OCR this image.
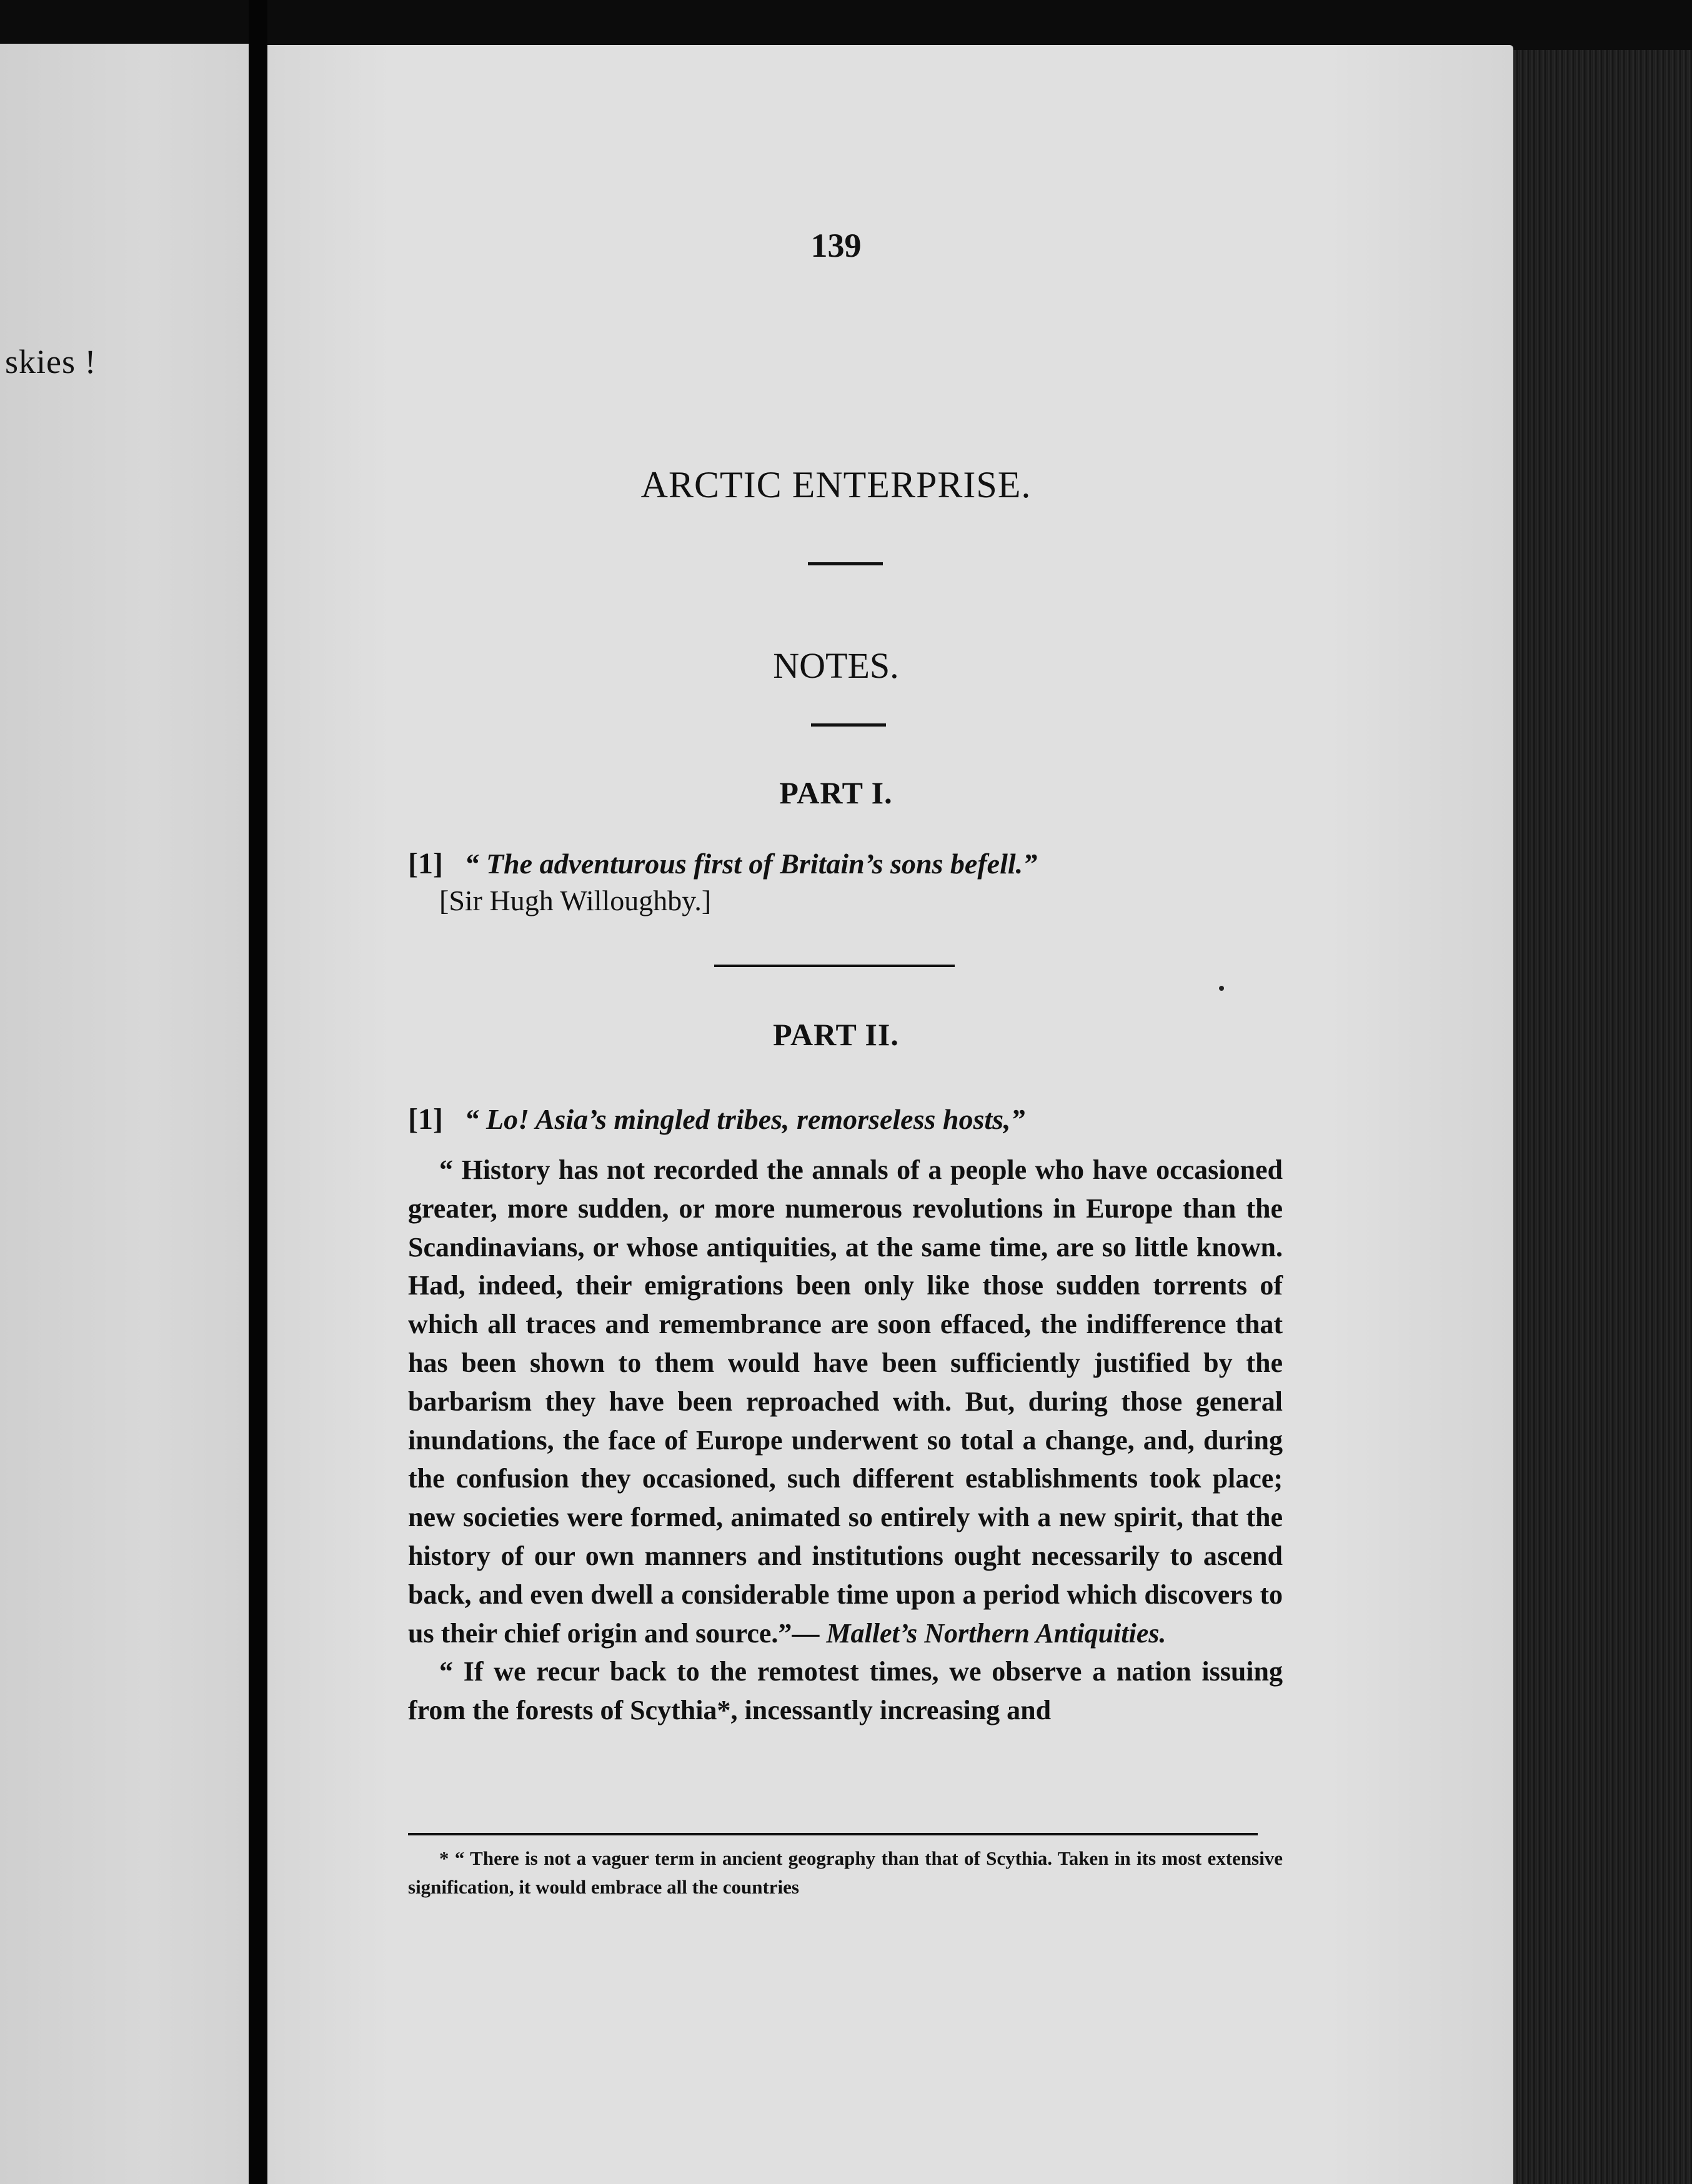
skies !
139
ARCTIC ENTERPRISE.
NOTES.
PART I.
[1] “ The adventurous first of Britain’s sons befell.”
[Sir Hugh Willoughby.]
PART II.
[1] “ Lo! Asia’s mingled tribes, remorseless hosts,”

“ History has not recorded the annals of a people who have occasioned greater, more sudden, or more numerous revolutions in Europe than the Scandinavians, or whose antiquities, at the same time, are so little known. Had, indeed, their emigrations been only like those sudden torrents of which all traces and remembrance are soon effaced, the indifference that has been shown to them would have been sufficiently justified by the barbarism they have been reproached with. But, during those general inundations, the face of Europe underwent so total a change, and, during the confusion they occasioned, such different establishments took place; new societies were formed, animated so entirely with a new spirit, that the history of our own manners and institutions ought necessarily to ascend back, and even dwell a considerable time upon a period which discovers to us their chief origin and source.”— Mallet’s Northern Antiquities.

“ If we recur back to the remotest times, we observe a nation issuing from the forests of Scythia*, incessantly increasing and

* “ There is not a vaguer term in ancient geography than that of Scythia. Taken in its most extensive signification, it would embrace all the countries
